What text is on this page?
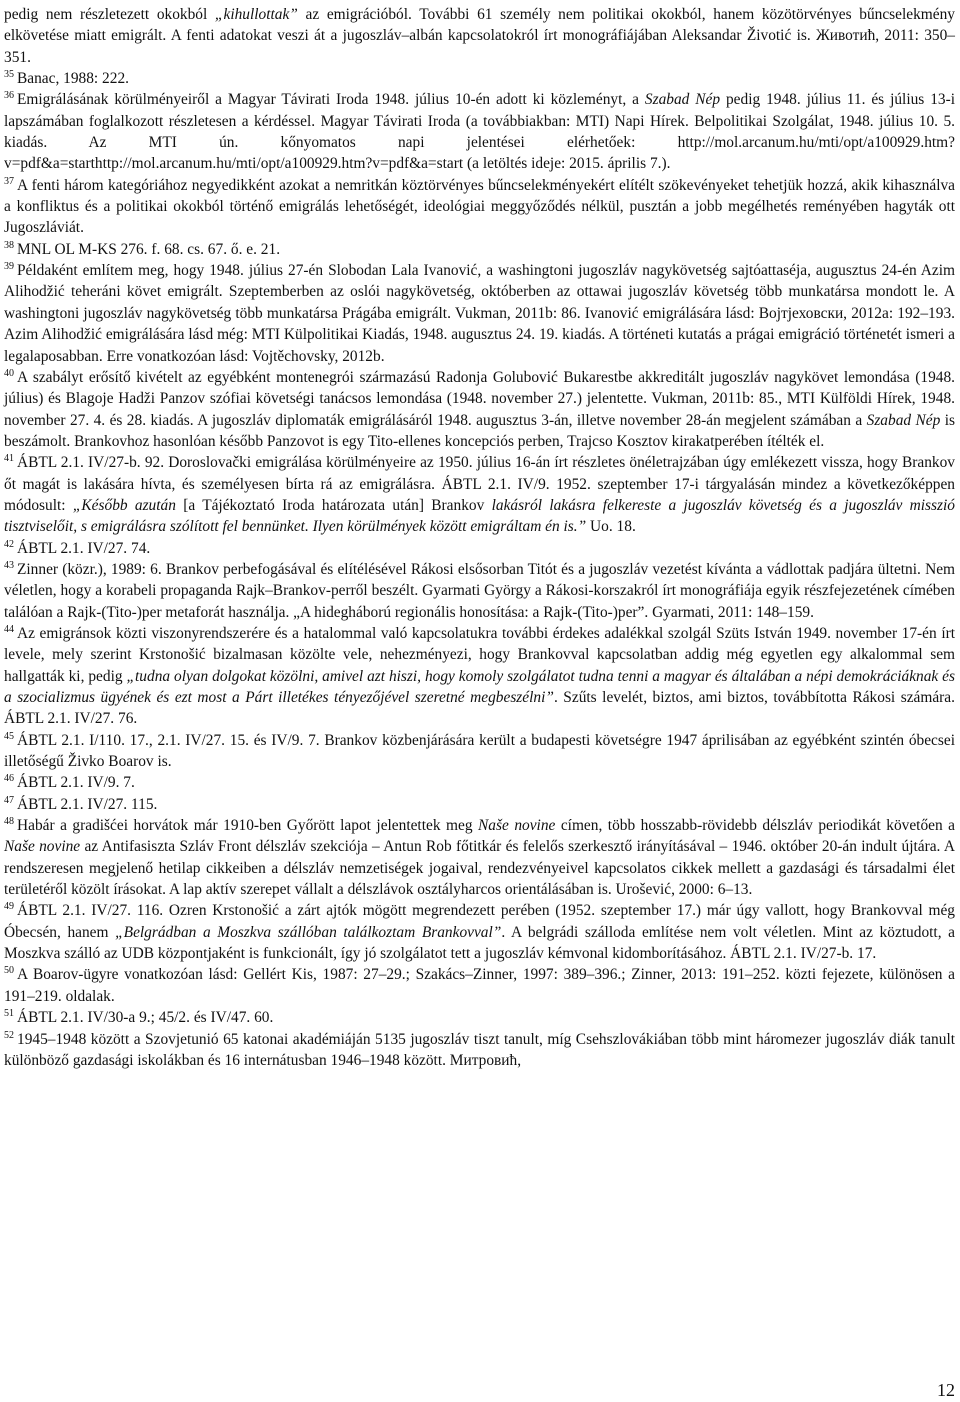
pedig nem részletezett okokból „kihullottak” az emigrációból. További 61 személy nem politikai okokból, hanem közötörvényes bűncselekmény elkövetése miatt emigrált. A fenti adatokat veszi át a jugoszláv–albán kapcsolatokról írt monográfiájában Aleksandar Životić is. Животић, 2011: 350–351.

$^{35}$ Banac, 1988: 222.

$^{36}$ Emigrálásának körülményeiről a Magyar Távirati Iroda 1948. július 10-én adott ki közleményt, a Szabad Nép pedig 1948. július 11. és július 13-i lapszámában foglalkozott részletesen a kérdéssel. Magyar Távirati Iroda (a továbbiakban: MTI) Napi Hírek. Belpolitikai Szolgálat, 1948. július 10. 5. kiadás. Az MTI ún. kőnyomatos napi jelentései elérhetőek: http://mol.arcanum.hu/mti/opt/a100929.htm?v=pdf&a=starthttp://mol.arcanum.hu/mti/opt/a100929.htm?v=pdf&a=start (a letöltés ideje: 2015. április 7.).

$^{37}$ A fenti három kategóriához negyedikként azokat a nemritkán köztörvényes bűncselekményekért elítélt szökevényeket tehetjük hozzá, akik kihasználva a konfliktus és a politikai okokból történő emigrálás lehetőségét, ideológiai meggyőződés nélkül, pusztán a jobb megélhetés reményében hagyták ott Jugoszláviát.

$^{38}$ MNL OL M-KS 276. f. 68. cs. 67. ő. e. 21.

$^{39}$ Példaként említem meg, hogy 1948. július 27-én Slobodan Lala Ivanović, a washingtoni jugoszláv nagykövetség sajtóattaséja, augusztus 24-én Azim Alihodžić teheráni követ emigrált. Szeptemberben az oslói nagykövetség, októberben az ottawai jugoszláv követség több munkatársa mondott le. A washingtoni jugoszláv nagykövetség több munkatársa Prágába emigrált. Vukman, 2011b: 86. Ivanović emigrálására lásd: Војтјеховски, 2012a: 192–193. Azim Alihodžić emigrálására lásd még: MTI Külpolitikai Kiadás, 1948. augusztus 24. 19. kiadás. A történeti kutatás a prágai emigráció történetét ismeri a legalaposabban. Erre vonatkozóan lásd: Vojtěchovsky, 2012b.

$^{40}$ A szabályt erősítő kivételt az egyébként montenegrói származású Radonja Golubović Bukarestbe akkreditált jugoszláv nagykövet lemondása (1948. július) és Blagoje Hadži Panzov szófiai követségi tanácsos lemondása (1948. november 27.) jelentette. Vukman, 2011b: 85., MTI Külföldi Hírek, 1948. november 27. 4. és 28. kiadás. A jugoszláv diplomaták emigrálásáról 1948. augusztus 3-án, illetve november 28-án megjelent számában a Szabad Nép is beszámolt. Brankovhoz hasonlóan később Panzovot is egy Tito-ellenes koncepciós perben, Trajcso Kosztov kirakatperében ítélték el.

$^{41}$ ÁBTL 2.1. IV/27-b. 92. Doroslovački emigrálása körülményeire az 1950. július 16-án írt részletes önéletrajzában úgy emlékezett vissza, hogy Brankov őt magát is lakására hívta, és személyesen bírta rá az emigrálásra. ÁBTL 2.1. IV/9. 1952. szeptember 17-i tárgyalásán mindez a következőképpen módosult: „Később azután [a Tájékoztató Iroda határozata után] Brankov lakásról lakásra felkereste a jugoszláv követség és a jugoszláv misszió tisztviselőit, s emigrálásra szólított fel bennünket. Ilyen körülmények között emigráltam én is.” Uo. 18.

$^{42}$ ÁBTL 2.1. IV/27. 74.

$^{43}$ Zinner (közr.), 1989: 6. Brankov perbefogásával és elítélésével Rákosi elsősorban Titót és a jugoszláv vezetést kívánta a vádlottak padjára ültetni. Nem véletlen, hogy a korabeli propaganda Rajk–Brankov-perről beszélt. Gyarmati György a Rákosi-korszakról írt monográfiája egyik részfejezetének címében találóan a Rajk-(Tito-)per metaforát használja. „A hidegháború regionális honosítása: a Rajk-(Tito-)per”. Gyarmati, 2011: 148–159.

$^{44}$ Az emigránsok közti viszonyrendszerére és a hatalommal való kapcsolatukra további érdekes adalékkal szolgál Szüts István 1949. november 17-én írt levele, mely szerint Krstonošić bizalmasan közölte vele, nehezményezi, hogy Brankovval kapcsolatban addig még egyetlen egy alkalommal sem hallgatták ki, pedig „tudna olyan dolgokat közölni, amivel azt hiszi, hogy komoly szolgálatot tudna tenni a magyar és általában a népi demokráciáknak és a szocializmus ügyének és ezt most a Párt illetékes tényezőjével szeretné megbeszélni”. Szűts levelét, biztos, ami biztos, továbbította Rákosi számára. ÁBTL 2.1. IV/27. 76.

$^{45}$ ÁBTL 2.1. I/110. 17., 2.1. IV/27. 15. és IV/9. 7. Brankov közbenjárására került a budapesti követségre 1947 áprilisában az egyébként szintén óbecsei illetőségű Živko Boarov is.

$^{46}$ ÁBTL 2.1. IV/9. 7.

$^{47}$ ÁBTL 2.1. IV/27. 115.

$^{48}$ Habár a gradišćei horvátok már 1910-ben Győrött lapot jelentettek meg Naše novine címen, több hosszabb-rövidebb délszláv periodikát követően a Naše novine az Antifasiszta Szláv Front délszláv szekciója – Antun Rob főtitkár és felelős szerkesztő irányításával – 1946. október 20-án indult újtára. A rendszeresen megjelenő hetilap cikkeiben a délszláv nemzetiségek jogaival, rendezvényeivel kapcsolatos cikkek mellett a gazdasági és társadalmi élet területéről közölt írásokat. A lap aktív szerepet vállalt a délszlávok osztályharcos orientálásában is. Urošević, 2000: 6–13.

$^{49}$ ÁBTL 2.1. IV/27. 116. Ozren Krstonošić a zárt ajtók mögött megrendezett perében (1952. szeptember 17.) már úgy vallott, hogy Brankovval még Óbecsén, hanem „Belgrádban a Moszkva szállóban találkoztam Brankovval”. A belgrádi szálloda említése nem volt véletlen. Mint az köztudott, a Moszkva szálló az UDB központjaként is funkcionált, így jó szolgálatot tett a jugoszláv kémvonal kidomborításához. ÁBTL 2.1. IV/27-b. 17.

$^{50}$ A Boarov-ügyre vonatkozóan lásd: Gellért Kis, 1987: 27–29.; Szakács–Zinner, 1997: 389–396.; Zinner, 2013: 191–252. közti fejezete, különösen a 191–219. oldalak.

$^{51}$ ÁBTL 2.1. IV/30-a 9.; 45/2. és IV/47. 60.

$^{52}$ 1945–1948 között a Szovjetunió 65 katonai akadémiáján 5135 jugoszláv tiszt tanult, míg Csehszlovákiában több mint háromezer jugoszláv diák tanult különböző gazdasági iskolákban és 16 internátusban 1946–1948 között. Митровић,

12
